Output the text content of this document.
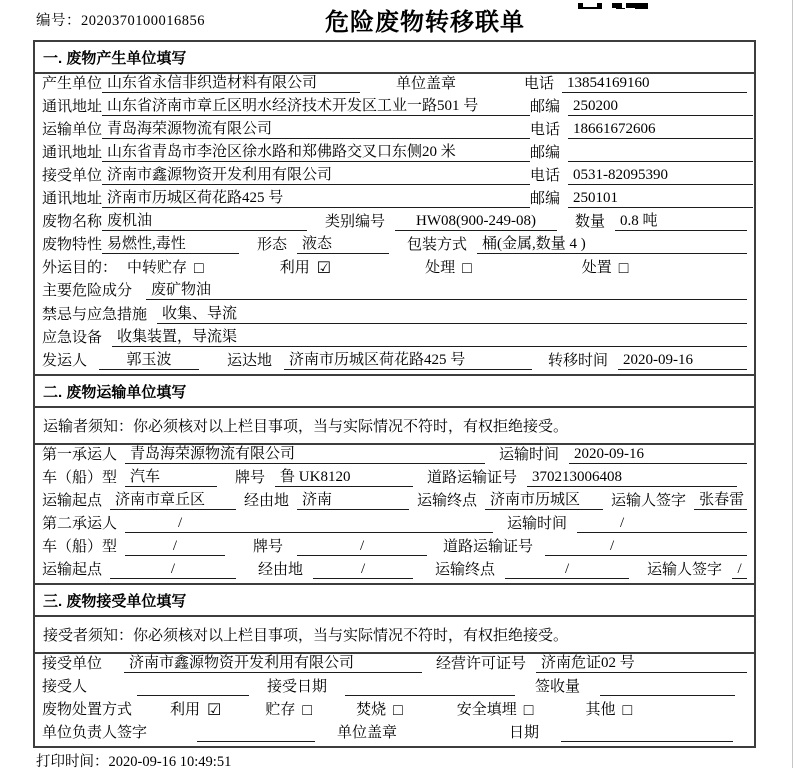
编号：2020370100016856	危险废物转移联单
一. 废物产生单位填写
产生单位 山东省永信非织造材料有限公司	单位盖章	电话 13854169160
通讯地址 山东省济南市章丘区明水经济技术开发区工业一路501 号	邮编 250200
运输单位 青岛海荣源物流有限公司	电话 18661672606
通讯地址 山东省青岛市李沧区徐水路和郑佛路交叉口东侧20 米	邮编
接受单位 济南市鑫源物资开发利用有限公司	电话 0531-82095390
通讯地址 济南市历城区荷花路425 号	邮编 250101
废物名称 废机油	类别编号	HW08(900-249-08)	数量	0.8 吨
废物特性 易燃性,毒性	形态	液态	包装方式	桶(金属,数量 4 )
外运目的： 中转贮存 □	利用 ☑	处理 □	处置 □
主要危险成分	废矿物油
禁忌与应急措施	收集、导流
应急设备	收集装置，导流渠
发运人	郭玉波	运达地	济南市历城区荷花路425 号	转移时间	2020-09-16
二. 废物运输单位填写
运输者须知：你必须核对以上栏目事项，当与实际情况不符时，有权拒绝接受。
第一承运人 青岛海荣源物流有限公司	运输时间	2020-09-16
车（船）型 汽车	牌号	鲁 UK8120	道路运输证号	370213006408
运输起点 济南市章丘区	经由地 济南	运输终点 济南市历城区	运输人签字 张春雷
第二承运人	/	运输时间	/
车（船）型	/	牌号	/	道路运输证号	/
运输起点	/	经由地	/	运输终点	/	运输人签字	/
三. 废物接受单位填写
接受者须知：你必须核对以上栏目事项，当与实际情况不符时，有权拒绝接受。
接受单位	济南市鑫源物资开发利用有限公司	经营许可证号	济南危证02 号
接受人	接受日期	签收量
废物处置方式	利用 ☑	贮存 □	焚烧 □	安全填埋 □	其他 □
单位负责人签字	单位盖章	日期
打印时间：2020-09-16 10:49:51
